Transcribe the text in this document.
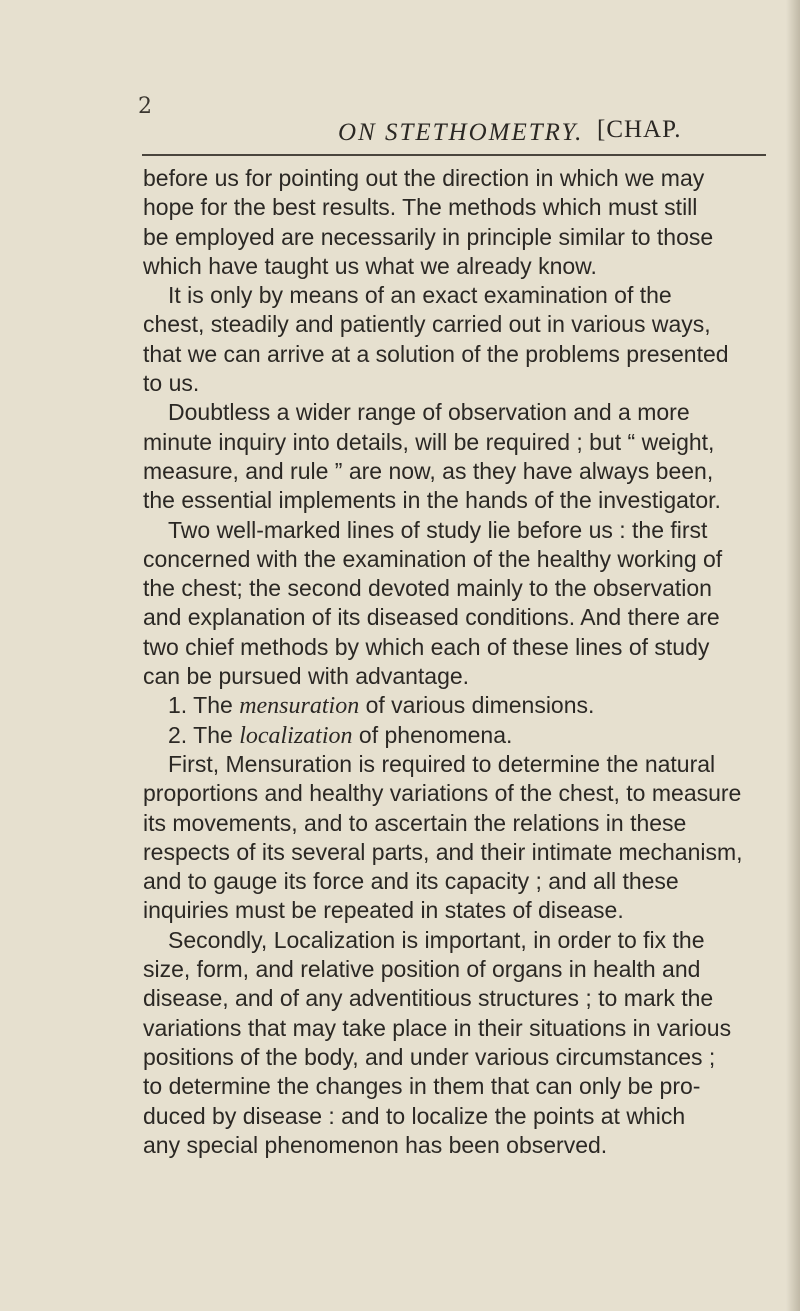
2
ON STETHOMETRY. [CHAP.
before us for pointing out the direction in which we may
hope for the best results. The methods which must still
be employed are necessarily in principle similar to those
which have taught us what we already know.
It is only by means of an exact examination of the
chest, steadily and patiently carried out in various ways,
that we can arrive at a solution of the problems presented
to us.
Doubtless a wider range of observation and a more
minute inquiry into details, will be required ; but “ weight,
measure, and rule ” are now, as they have always been,
the essential implements in the hands of the investigator.
Two well-marked lines of study lie before us : the first
concerned with the examination of the healthy working of
the chest; the second devoted mainly to the observation
and explanation of its diseased conditions. And there are
two chief methods by which each of these lines of study
can be pursued with advantage.
1. The mensuration of various dimensions.
2. The localization of phenomena.
First, Mensuration is required to determine the natural
proportions and healthy variations of the chest, to measure
its movements, and to ascertain the relations in these
respects of its several parts, and their intimate mechanism,
and to gauge its force and its capacity ; and all these
inquiries must be repeated in states of disease.
Secondly, Localization is important, in order to fix the
size, form, and relative position of organs in health and
disease, and of any adventitious structures ; to mark the
variations that may take place in their situations in various
positions of the body, and under various circumstances ;
to determine the changes in them that can only be pro-
duced by disease : and to localize the points at which
any special phenomenon has been observed.
